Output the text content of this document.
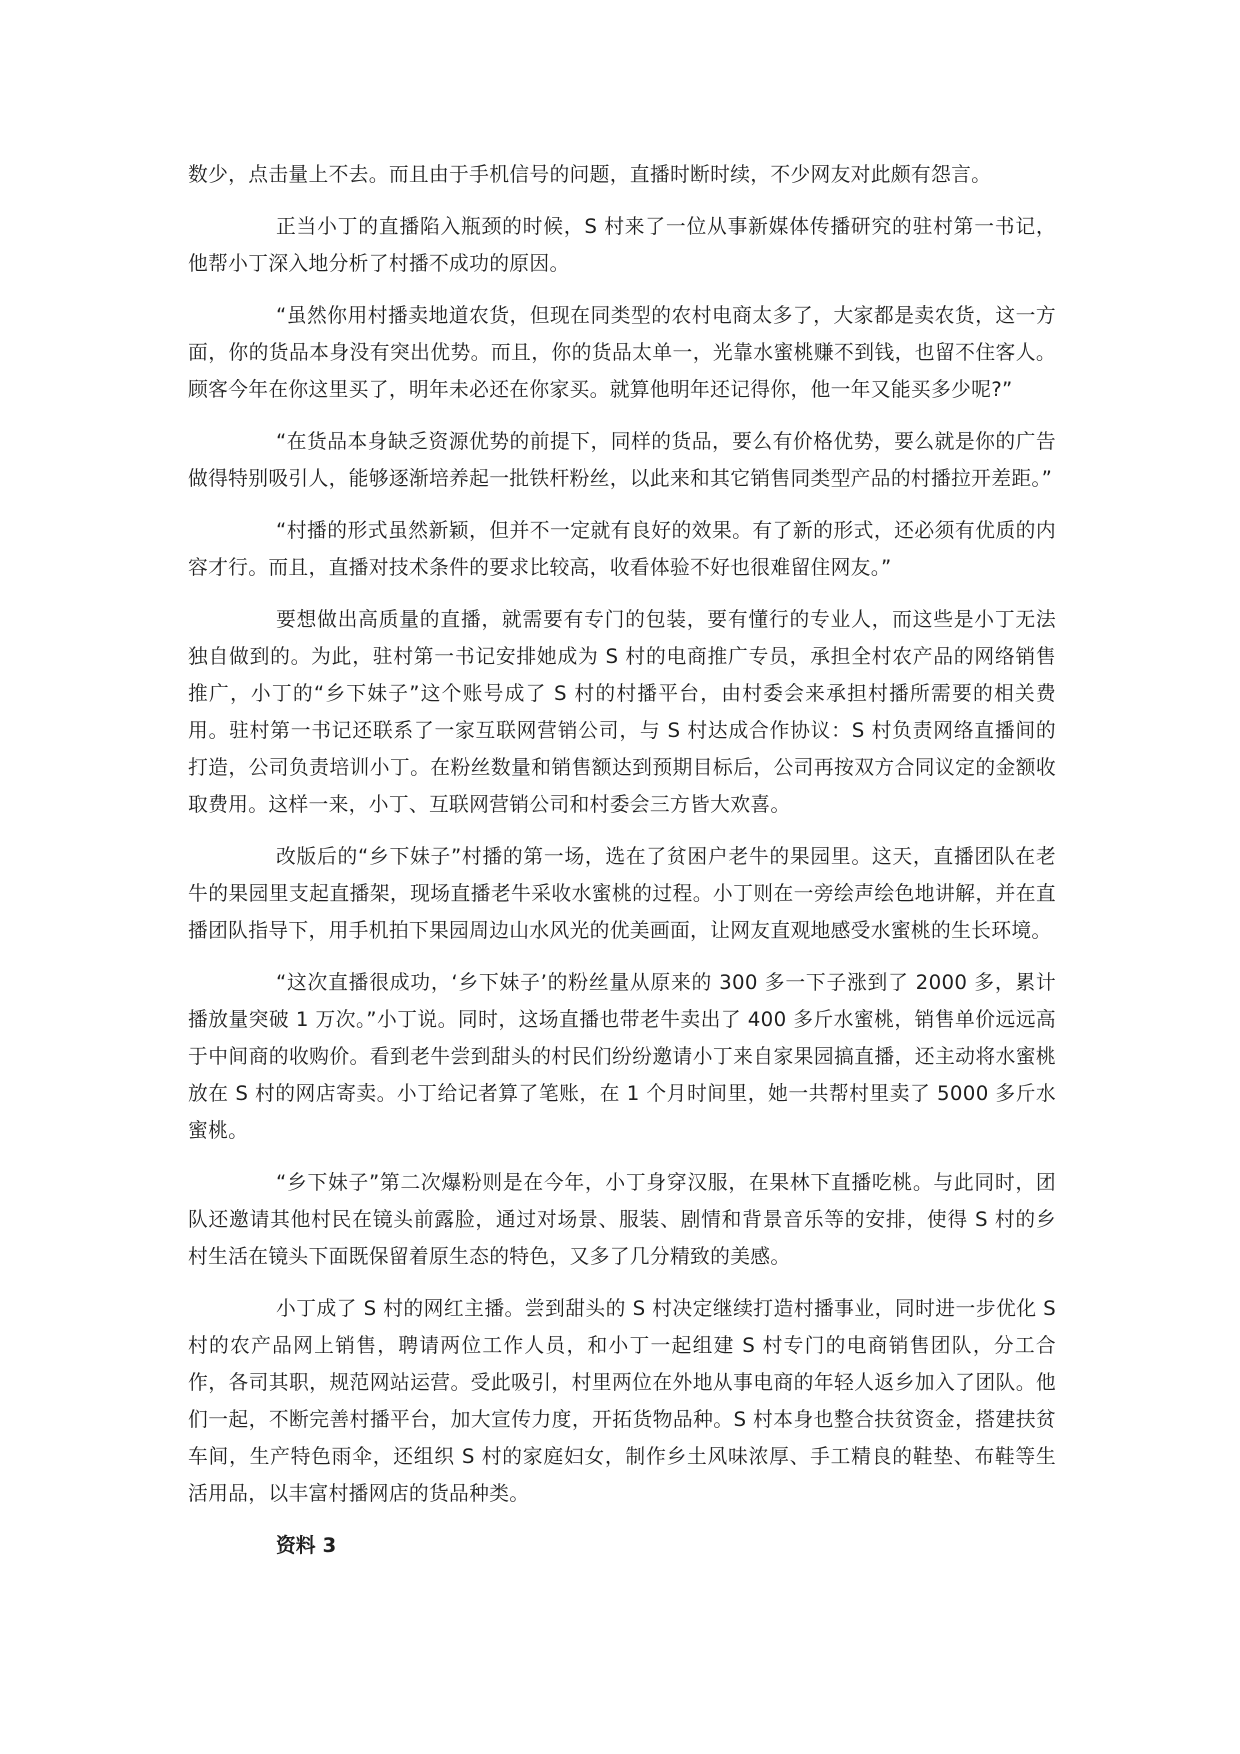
数少，点击量上不去。而且由于手机信号的问题，直播时断时续，不少网友对此颇有怨言。

正当小丁的直播陷入瓶颈的时候，S 村来了一位从事新媒体传播研究的驻村第一书记，他帮小丁深入地分析了村播不成功的原因。

“虽然你用村播卖地道农货，但现在同类型的农村电商太多了，大家都是卖农货，这一方面，你的货品本身没有突出优势。而且，你的货品太单一，光靠水蜜桃赚不到钱，也留不住客人。顾客今年在你这里买了，明年未必还在你家买。就算他明年还记得你，他一年又能买多少呢?”

“在货品本身缺乏资源优势的前提下，同样的货品，要么有价格优势，要么就是你的广告做得特别吸引人，能够逐渐培养起一批铁杆粉丝，以此来和其它销售同类型产品的村播拉开差距。”

“村播的形式虽然新颖，但并不一定就有良好的效果。有了新的形式，还必须有优质的内容才行。而且，直播对技术条件的要求比较高，收看体验不好也很难留住网友。”

要想做出高质量的直播，就需要有专门的包装，要有懂行的专业人，而这些是小丁无法独自做到的。为此，驻村第一书记安排她成为 S 村的电商推广专员，承担全村农产品的网络销售推广，小丁的“乡下妹子”这个账号成了 S 村的村播平台，由村委会来承担村播所需要的相关费用。驻村第一书记还联系了一家互联网营销公司，与 S 村达成合作协议：S 村负责网络直播间的打造，公司负责培训小丁。在粉丝数量和销售额达到预期目标后，公司再按双方合同议定的金额收取费用。这样一来，小丁、互联网营销公司和村委会三方皆大欢喜。

改版后的“乡下妹子”村播的第一场，选在了贫困户老牛的果园里。这天，直播团队在老牛的果园里支起直播架，现场直播老牛采收水蜜桃的过程。小丁则在一旁绘声绘色地讲解，并在直播团队指导下，用手机拍下果园周边山水风光的优美画面，让网友直观地感受水蜜桃的生长环境。

“这次直播很成功，‘乡下妹子’的粉丝量从原来的 300 多一下子涨到了 2000 多，累计播放量突破 1 万次。”小丁说。同时，这场直播也带老牛卖出了 400 多斤水蜜桃，销售单价远远高于中间商的收购价。看到老牛尝到甜头的村民们纷纷邀请小丁来自家果园搞直播，还主动将水蜜桃放在 S 村的网店寄卖。小丁给记者算了笔账，在 1 个月时间里，她一共帮村里卖了 5000 多斤水蜜桃。

“乡下妹子”第二次爆粉则是在今年，小丁身穿汉服，在果林下直播吃桃。与此同时，团队还邀请其他村民在镜头前露脸，通过对场景、服装、剧情和背景音乐等的安排，使得 S 村的乡村生活在镜头下面既保留着原生态的特色，又多了几分精致的美感。

小丁成了 S 村的网红主播。尝到甜头的 S 村决定继续打造村播事业，同时进一步优化 S 村的农产品网上销售，聘请两位工作人员，和小丁一起组建 S 村专门的电商销售团队，分工合作，各司其职，规范网站运营。受此吸引，村里两位在外地从事电商的年轻人返乡加入了团队。他们一起，不断完善村播平台，加大宣传力度，开拓货物品种。S 村本身也整合扶贫资金，搭建扶贫车间，生产特色雨伞，还组织 S 村的家庭妇女，制作乡土风味浓厚、手工精良的鞋垫、布鞋等生活用品，以丰富村播网店的货品种类。

资料 3
